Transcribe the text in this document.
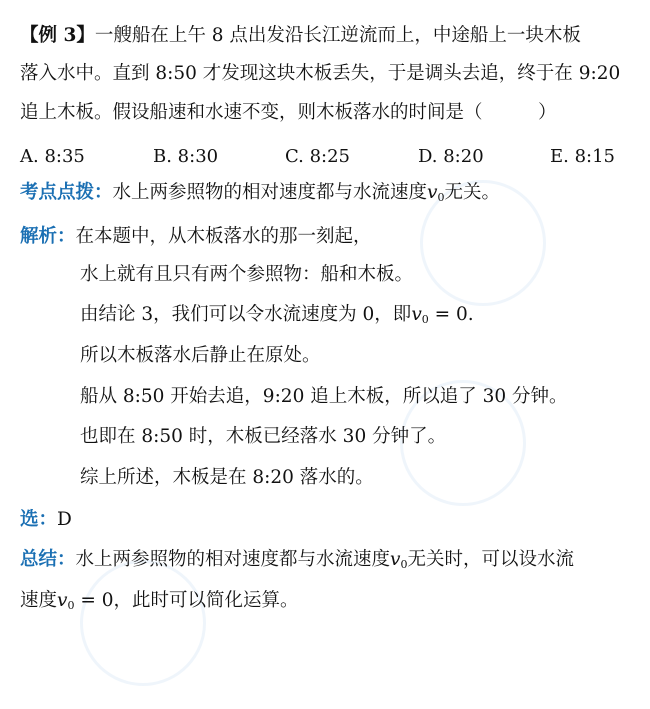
【例 3】一艘船在上午 8 点出发沿长江逆流而上，中途船上一块木板
落入水中。直到 8:50 才发现这块木板丢失，于是调头去追，终于在 9:20
追上木板。假设船速和水速不变，则木板落水的时间是（　　　）
A. 8:35	B. 8:30	C. 8:25	D. 8:20	E. 8:15
考点点拨：水上两参照物的相对速度都与水流速度$v_0$无关。
解析：在本题中，从木板落水的那一刻起，
水上就有且只有两个参照物：船和木板。
由结论 3，我们可以令水流速度为 0，即$v_0 = 0$.
所以木板落水后静止在原处。
船从 8:50 开始去追，9:20 追上木板，所以追了 30 分钟。
也即在 8:50 时，木板已经落水 30 分钟了。
综上所述，木板是在 8:20 落水的。
选：D
总结：水上两参照物的相对速度都与水流速度$v_0$无关时，可以设水流
速度$v_0 = 0$，此时可以简化运算。
